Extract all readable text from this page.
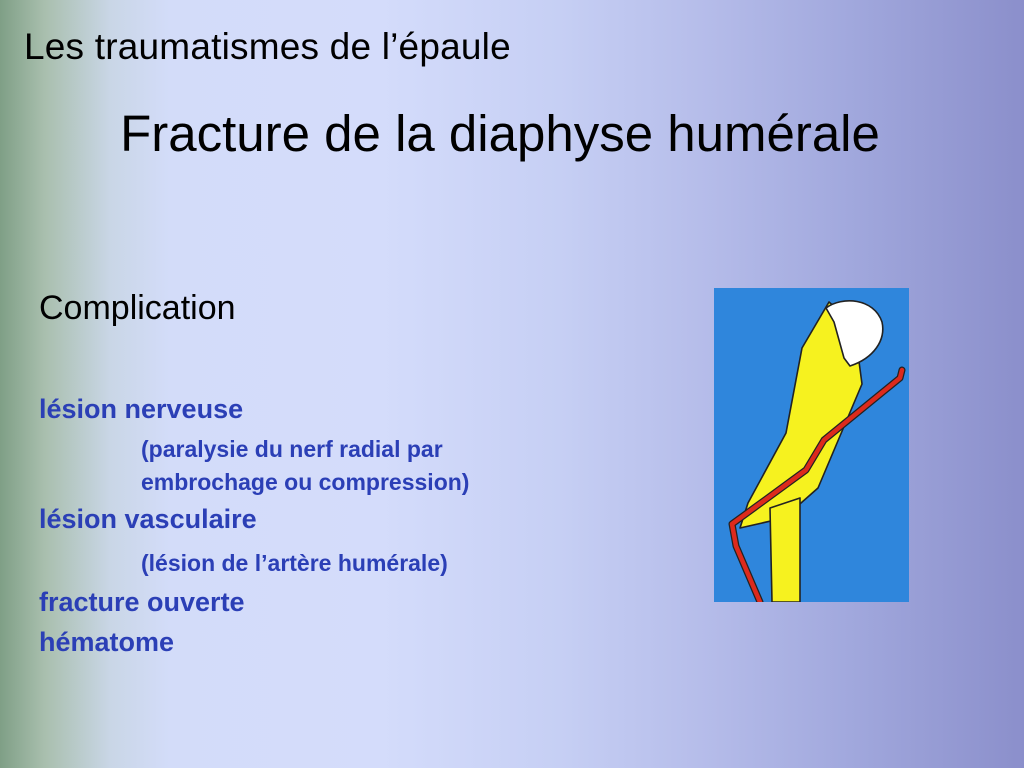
Les traumatismes de l’épaule
Fracture de la diaphyse humérale
Complication
lésion nerveuse
(paralysie du nerf radial par
embrochage ou compression)
lésion vasculaire
(lésion de l’artère humérale)
fracture ouverte
hématome
